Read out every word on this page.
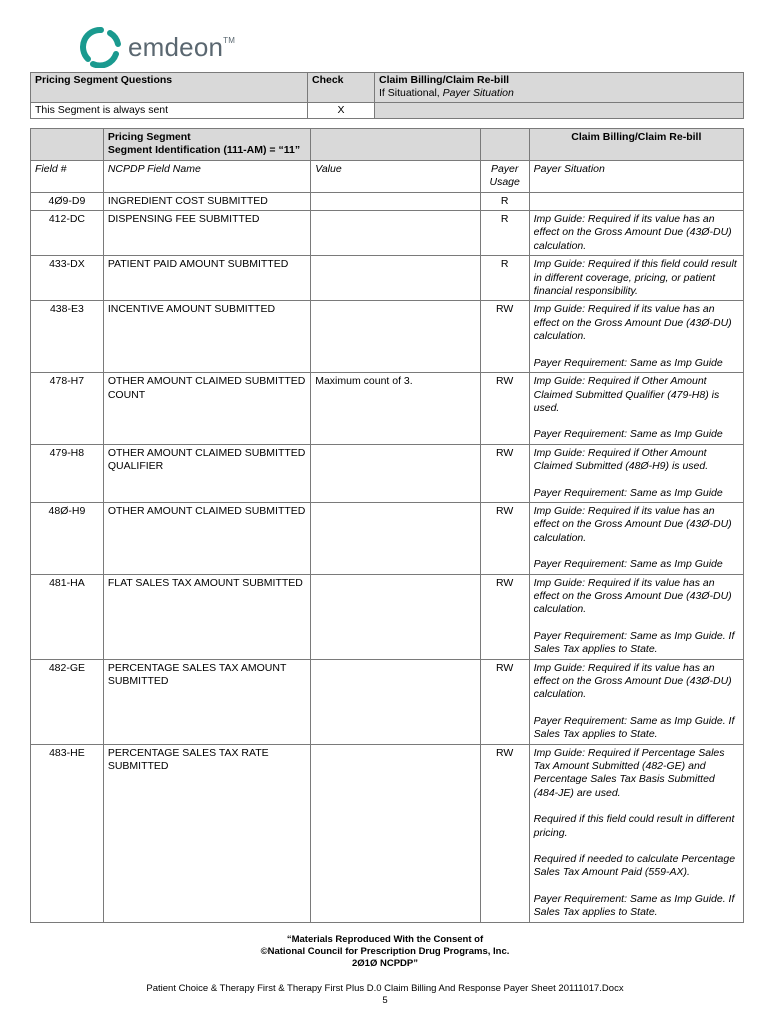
emdeon™
Pricing Segment Questions	Check	Claim Billing/Claim Re-bill
If Situational, Payer Situation

This Segment is always sent	X	

	Pricing Segment
Segment Identification (111-AM) = “11”			Claim Billing/Claim Re-bill
Field #	NCPDP Field Name	Value	Payer Usage	Payer Situation
4Ø9-D9	INGREDIENT COST SUBMITTED		R	
412-DC	DISPENSING FEE SUBMITTED		R	Imp Guide: Required if its value has an effect on the Gross Amount Due (43Ø-DU) calculation.

433-DX	PATIENT PAID AMOUNT SUBMITTED		R	Imp Guide: Required if this field could result in different coverage, pricing, or patient financial responsibility.

438-E3	INCENTIVE AMOUNT SUBMITTED		RW	Imp Guide: Required if its value has an effect on the Gross Amount Due (43Ø-DU) calculation.

Payer Requirement: Same as Imp Guide

478-H7	OTHER AMOUNT CLAIMED SUBMITTED COUNT	Maximum count of 3.	RW	Imp Guide: Required if Other Amount Claimed Submitted Qualifier (479-H8) is used.

Payer Requirement: Same as Imp Guide

479-H8	OTHER AMOUNT CLAIMED SUBMITTED QUALIFIER		RW	Imp Guide: Required if Other Amount Claimed Submitted (48Ø-H9) is used.

Payer Requirement: Same as Imp Guide

48Ø-H9	OTHER AMOUNT CLAIMED SUBMITTED		RW	Imp Guide: Required if its value has an effect on the Gross Amount Due (43Ø-DU) calculation.

Payer Requirement: Same as Imp Guide

481-HA	FLAT SALES TAX AMOUNT SUBMITTED		RW	Imp Guide: Required if its value has an effect on the Gross Amount Due (43Ø-DU) calculation.

Payer Requirement: Same as Imp Guide. If Sales Tax applies to State.

482-GE	PERCENTAGE SALES TAX AMOUNT SUBMITTED		RW	Imp Guide: Required if its value has an effect on the Gross Amount Due (43Ø-DU) calculation.

Payer Requirement: Same as Imp Guide. If Sales Tax applies to State.

483-HE	PERCENTAGE SALES TAX RATE SUBMITTED		RW	Imp Guide: Required if Percentage Sales Tax Amount Submitted (482-GE) and Percentage Sales Tax Basis Submitted (484-JE) are used.

Required if this field could result in different pricing.

Required if needed to calculate Percentage Sales Tax Amount Paid (559-AX).

Payer Requirement: Same as Imp Guide. If Sales Tax applies to State.

“Materials Reproduced With the Consent of
©National Council for Prescription Drug Programs, Inc.
2Ø1Ø NCPDP”
Patient Choice & Therapy First & Therapy First Plus D.0 Claim Billing And Response Payer Sheet 20111017.Docx
5
